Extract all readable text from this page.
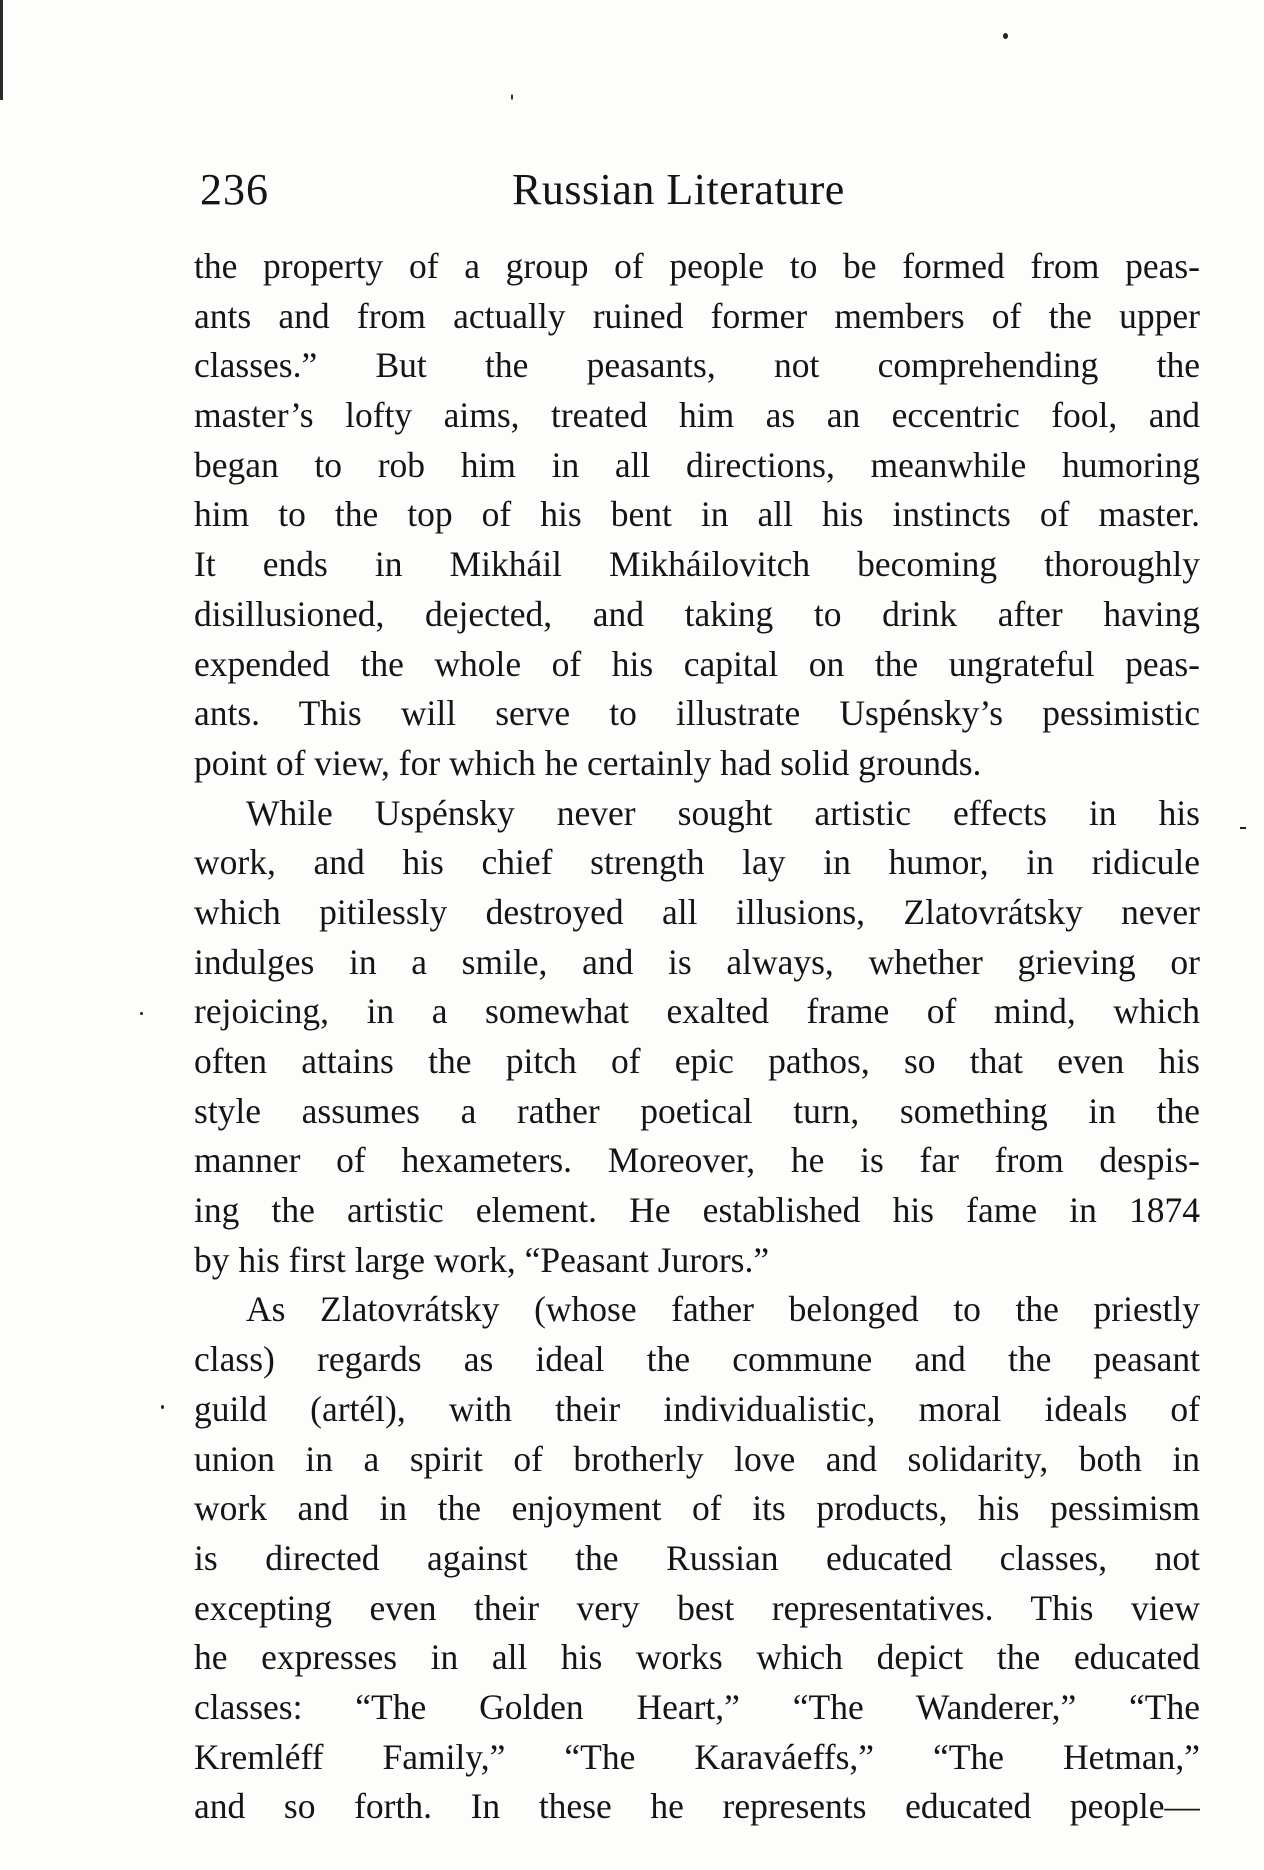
236	Russian Literature
the property of a group of people to be formed from peas-
ants and from actually ruined former members of the upper
classes.” But the peasants, not comprehending the
master’s lofty aims, treated him as an eccentric fool, and
began to rob him in all directions, meanwhile humoring
him to the top of his bent in all his instincts of master.
It ends in Mikháil Mikháilovitch becoming thoroughly
disillusioned, dejected, and taking to drink after having
expended the whole of his capital on the ungrateful peas-
ants. This will serve to illustrate Uspénsky’s pessimistic
point of view, for which he certainly had solid grounds.
While Uspénsky never sought artistic effects in his
work, and his chief strength lay in humor, in ridicule
which pitilessly destroyed all illusions, Zlatovrátsky never
indulges in a smile, and is always, whether grieving or
rejoicing, in a somewhat exalted frame of mind, which
often attains the pitch of epic pathos, so that even his
style assumes a rather poetical turn, something in the
manner of hexameters. Moreover, he is far from despis-
ing the artistic element. He established his fame in 1874
by his first large work, “Peasant Jurors.”
As Zlatovrátsky (whose father belonged to the priestly
class) regards as ideal the commune and the peasant
guild (artél), with their individualistic, moral ideals of
union in a spirit of brotherly love and solidarity, both in
work and in the enjoyment of its products, his pessimism
is directed against the Russian educated classes, not
excepting even their very best representatives. This view
he expresses in all his works which depict the educated
classes: “The Golden Heart,” “The Wanderer,” “The
Kremléff Family,” “The Karaváeffs,” “The Hetman,”
and so forth. In these he represents educated people—
